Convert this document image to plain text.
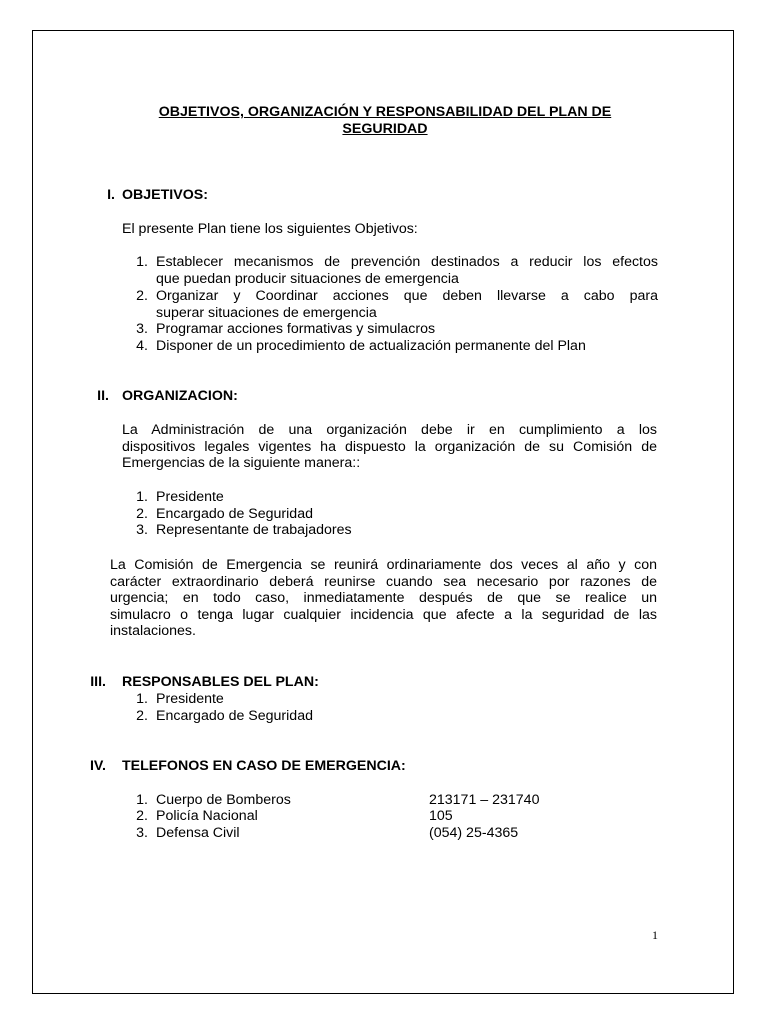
OBJETIVOS, ORGANIZACIÓN Y RESPONSABILIDAD DEL PLAN DE
SEGURIDAD
I. OBJETIVOS:
El presente Plan tiene los siguientes Objetivos:
1. Establecer mecanismos de prevención destinados a reducir los efectos
que puedan producir situaciones de emergencia
2. Organizar y Coordinar acciones que deben llevarse a cabo para
superar situaciones de emergencia
3. Programar acciones formativas y simulacros
4. Disponer de un procedimiento de actualización permanente del Plan
II. ORGANIZACION:
La Administración de una organización debe ir en cumplimiento a los
dispositivos legales vigentes ha dispuesto la organización de su Comisión de
Emergencias de la siguiente manera::
1. Presidente
2. Encargado de Seguridad
3. Representante de trabajadores
La Comisión de Emergencia se reunirá ordinariamente dos veces al año y con
carácter extraordinario deberá reunirse cuando sea necesario por razones de
urgencia; en todo caso, inmediatamente después de que se realice un
simulacro o tenga lugar cualquier incidencia que afecte a la seguridad de las
instalaciones.
III. RESPONSABLES DEL PLAN:
1. Presidente
2. Encargado de Seguridad
IV. TELEFONOS EN CASO DE EMERGENCIA:
1. Cuerpo de Bomberos	213171 – 231740
2. Policía Nacional	105
3. Defensa Civil	(054) 25-4365
1
